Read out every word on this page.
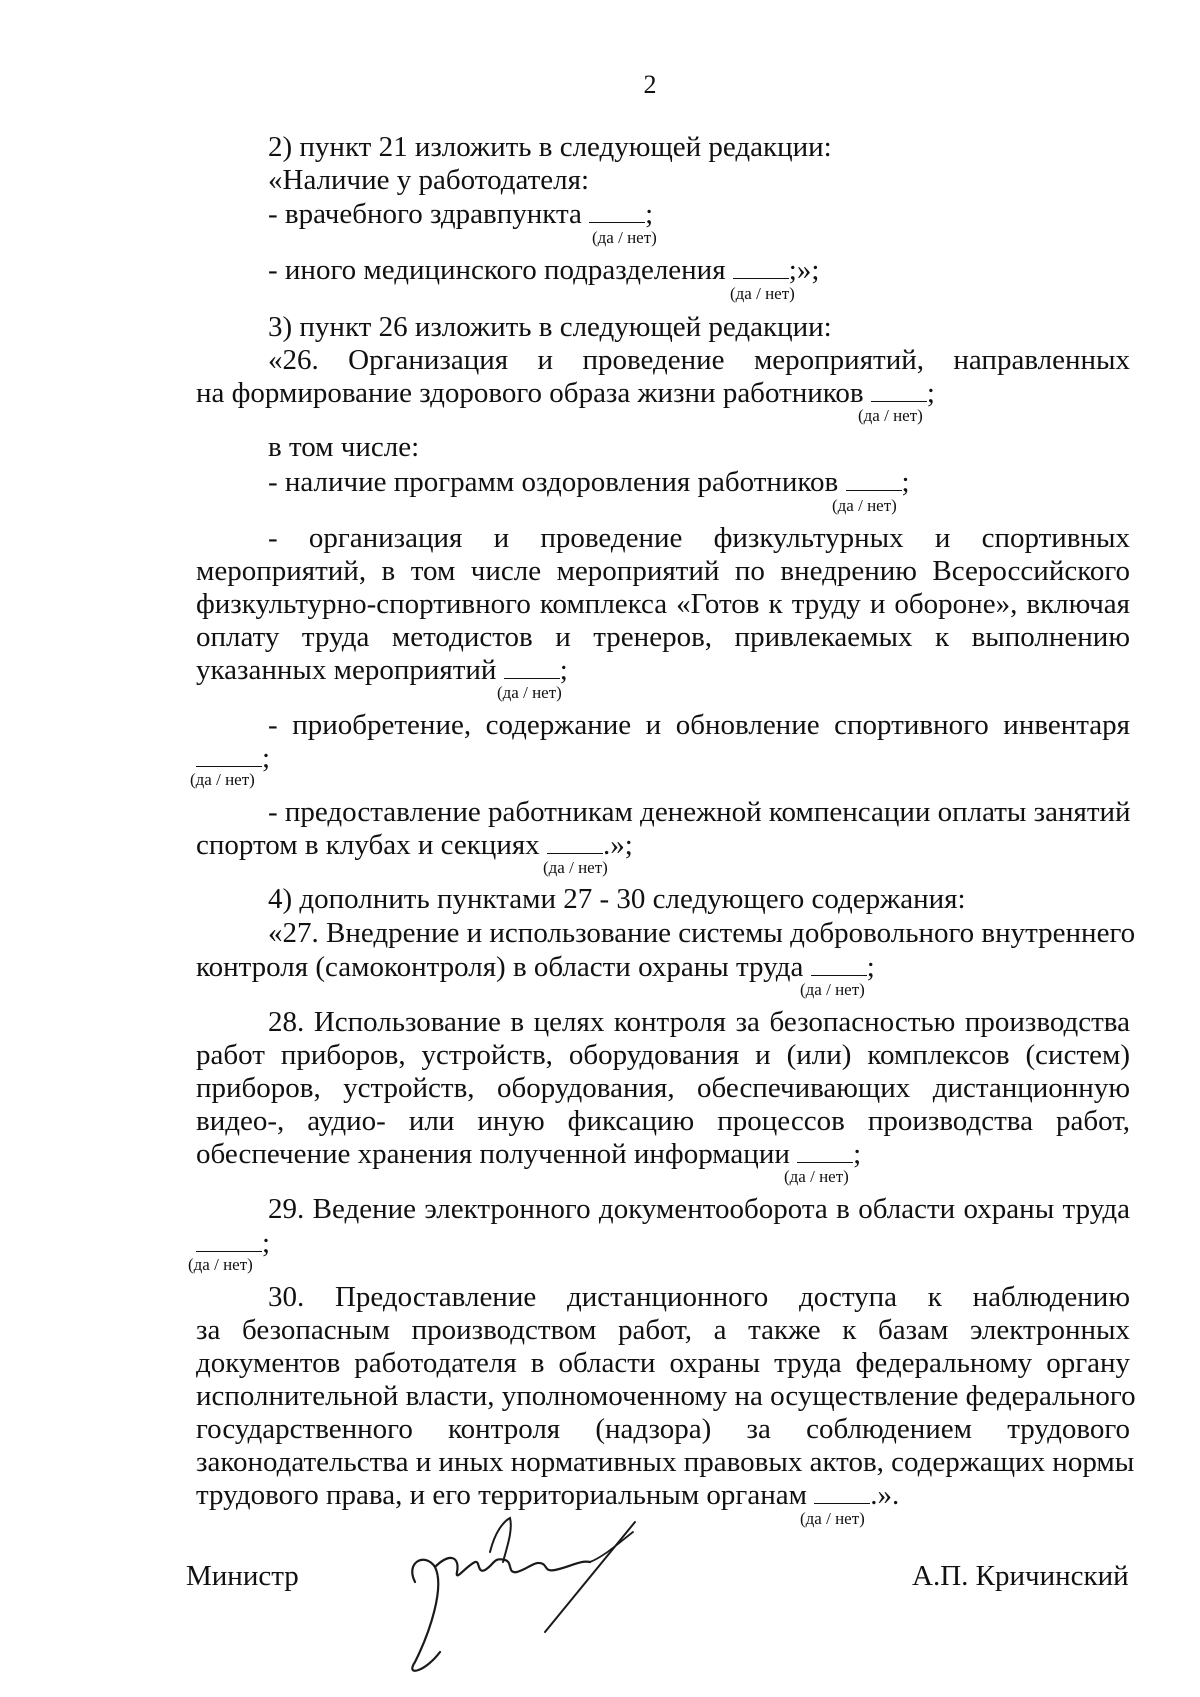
2
2) пункт 21 изложить в следующей редакции:
«Наличие у работодателя:
- врачебного здравпункта ;
(да / нет)
- иного медицинского подразделения ;»;
(да / нет)
3) пункт 26 изложить в следующей редакции:
«26. Организация и проведение мероприятий, направленных
на формирование здорового образа жизни работников ;
(да / нет)
в том числе:
- наличие программ оздоровления работников ;
(да / нет)
- организация и проведение физкультурных и спортивных
мероприятий, в том числе мероприятий по внедрению Всероссийского
физкультурно-спортивного комплекса «Готов к труду и обороне», включая
оплату труда методистов и тренеров, привлекаемых к выполнению
указанных мероприятий ;
(да / нет)
- приобретение, содержание и обновление спортивного инвентаря
;
(да / нет)
- предоставление работникам денежной компенсации оплаты занятий
спортом в клубах и секциях .»;
(да / нет)
4) дополнить пунктами 27 - 30 следующего содержания:
«27. Внедрение и использование системы добровольного внутреннего
контроля (самоконтроля) в области охраны труда ;
(да / нет)
28. Использование в целях контроля за безопасностью производства
работ приборов, устройств, оборудования и (или) комплексов (систем)
приборов, устройств, оборудования, обеспечивающих дистанционную
видео-, аудио- или иную фиксацию процессов производства работ,
обеспечение хранения полученной информации ;
(да / нет)
29. Ведение электронного документооборота в области охраны труда
;
(да / нет)
30. Предоставление дистанционного доступа к наблюдению
за безопасным производством работ, а также к базам электронных
документов работодателя в области охраны труда федеральному органу
исполнительной власти, уполномоченному на осуществление федерального
государственного контроля (надзора) за соблюдением трудового
законодательства и иных нормативных правовых актов, содержащих нормы
трудового права, и его территориальным органам .».
(да / нет)
Министр	А.П. Кричинский
